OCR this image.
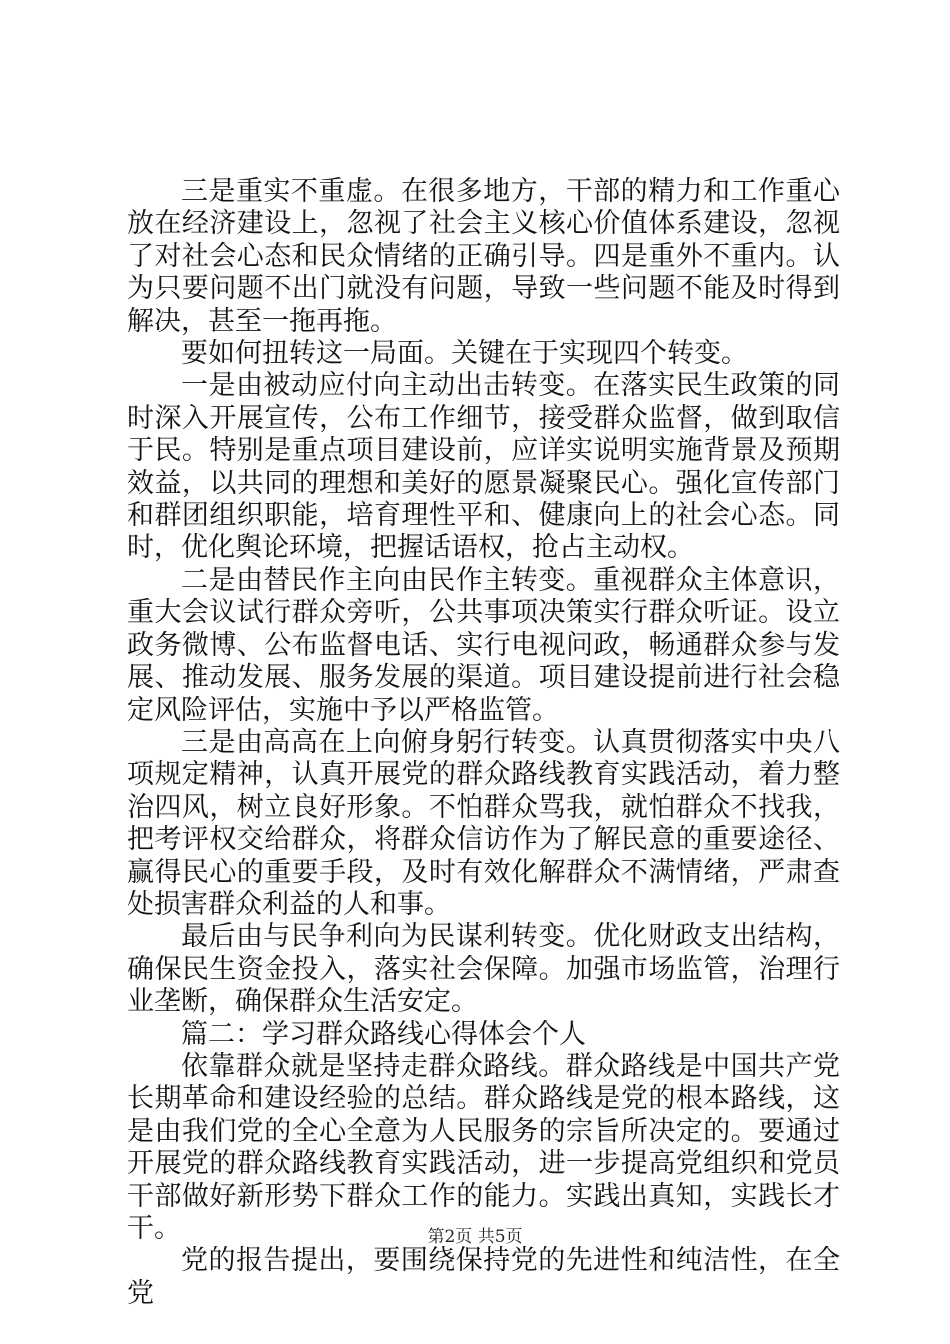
三是重实不重虚。在很多地方，干部的精力和工作重心放在经济建设上，忽视了社会主义核心价值体系建设，忽视了对社会心态和民众情绪的正确引导。四是重外不重内。认为只要问题不出门就没有问题，导致一些问题不能及时得到解决，甚至一拖再拖。

要如何扭转这一局面。关键在于实现四个转变。

一是由被动应付向主动出击转变。在落实民生政策的同时深入开展宣传，公布工作细节，接受群众监督，做到取信于民。特别是重点项目建设前，应详实说明实施背景及预期效益，以共同的理想和美好的愿景凝聚民心。强化宣传部门和群团组织职能，培育理性平和、健康向上的社会心态。同时，优化舆论环境，把握话语权，抢占主动权。

二是由替民作主向由民作主转变。重视群众主体意识，重大会议试行群众旁听，公共事项决策实行群众听证。设立政务微博、公布监督电话、实行电视问政，畅通群众参与发展、推动发展、服务发展的渠道。项目建设提前进行社会稳定风险评估，实施中予以严格监管。

三是由高高在上向俯身躬行转变。认真贯彻落实中央八项规定精神，认真开展党的群众路线教育实践活动，着力整治四风，树立良好形象。不怕群众骂我，就怕群众不找我，把考评权交给群众，将群众信访作为了解民意的重要途径、赢得民心的重要手段，及时有效化解群众不满情绪，严肃查处损害群众利益的人和事。

最后由与民争利向为民谋利转变。优化财政支出结构，确保民生资金投入，落实社会保障。加强市场监管，治理行业垄断，确保群众生活安定。

篇二：学习群众路线心得体会个人

依靠群众就是坚持走群众路线。群众路线是中国共产党长期革命和建设经验的总结。群众路线是党的根本路线，这是由我们党的全心全意为人民服务的宗旨所决定的。要通过开展党的群众路线教育实践活动，进一步提高党组织和党员干部做好新形势下群众工作的能力。实践出真知，实践长才干。

党的报告提出，要围绕保持党的先进性和纯洁性，在全党

第2页 共5页
